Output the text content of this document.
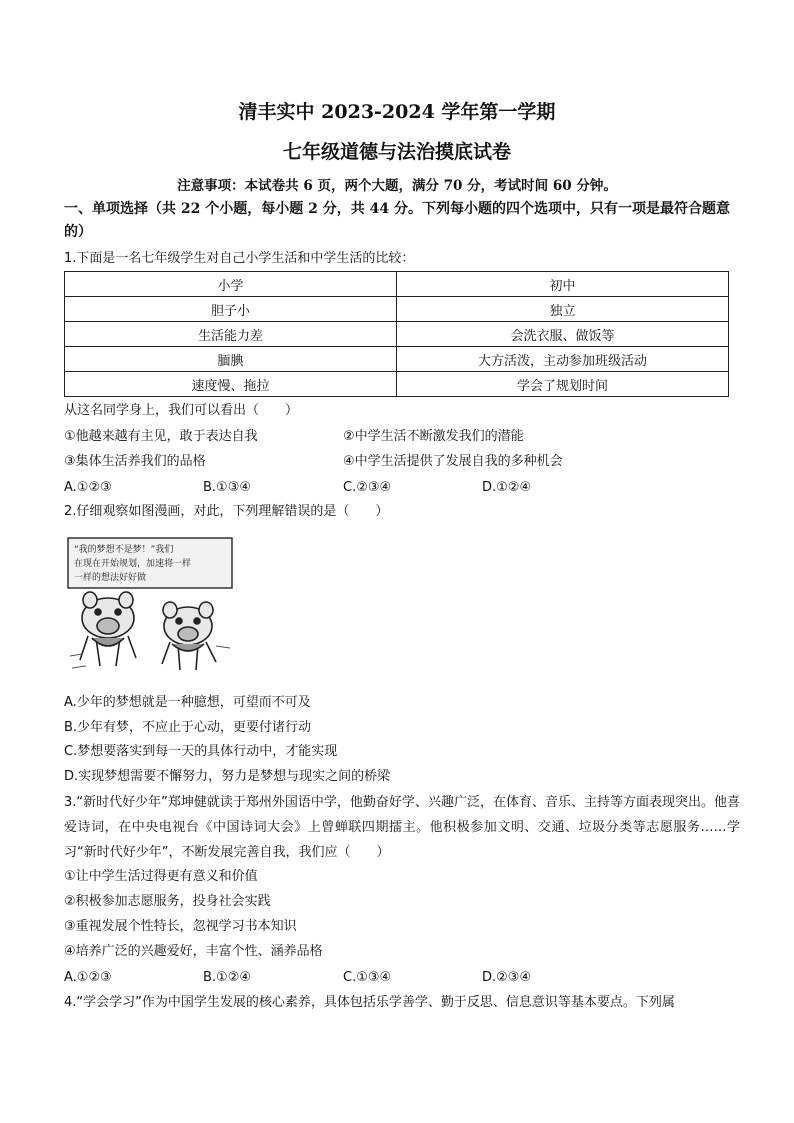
清丰实中 2023-2024 学年第一学期
七年级道德与法治摸底试卷
注意事项：本试卷共 6 页，两个大题，满分 70 分，考试时间 60 分钟。
一、单项选择（共 22 个小题，每小题 2 分，共 44 分。下列每小题的四个选项中，只有一项是最符合题意的）
1.下面是一名七年级学生对自己小学生活和中学生活的比较：
小学	初中
胆子小	独立
生活能力差	会洗衣服、做饭等
腼腆	大方活泼，主动参加班级活动
速度慢、拖拉	学会了规划时间
从这名同学身上，我们可以看出（　　）
①他越来越有主见，敢于表达自我	②中学生活不断激发我们的潜能
③集体生活养我们的品格	④中学生活提供了发展自我的多种机会
A.①②③	B.①③④	C.②③④	D.①②④
2.仔细观察如图漫画，对此，下列理解错误的是（　　）
“我的梦想不是梦！”我们
在现在开始规划，加速将一样
一样的想法好好做
A.少年的梦想就是一种臆想，可望而不可及
B.少年有梦，不应止于心动，更要付诸行动
C.梦想要落实到每一天的具体行动中，才能实现
D.实现梦想需要不懈努力，努力是梦想与现实之间的桥梁
3.“新时代好少年”郑坤健就读于郑州外国语中学，他勤奋好学、兴趣广泛，在体育、音乐、主持等方面表现突出。他喜爱诗词，在中央电视台《中国诗词大会》上曾蝉联四期擂主。他积极参加文明、交通、垃圾分类等志愿服务……学习“新时代好少年”，不断发展完善自我，我们应（　　）
①让中学生活过得更有意义和价值
②积极参加志愿服务，投身社会实践
③重视发展个性特长，忽视学习书本知识
④培养广泛的兴趣爱好，丰富个性、涵养品格
A.①②③	B.①②④	C.①③④	D.②③④
4.“学会学习”作为中国学生发展的核心素养，具体包括乐学善学、勤于反思、信息意识等基本要点。下列属
